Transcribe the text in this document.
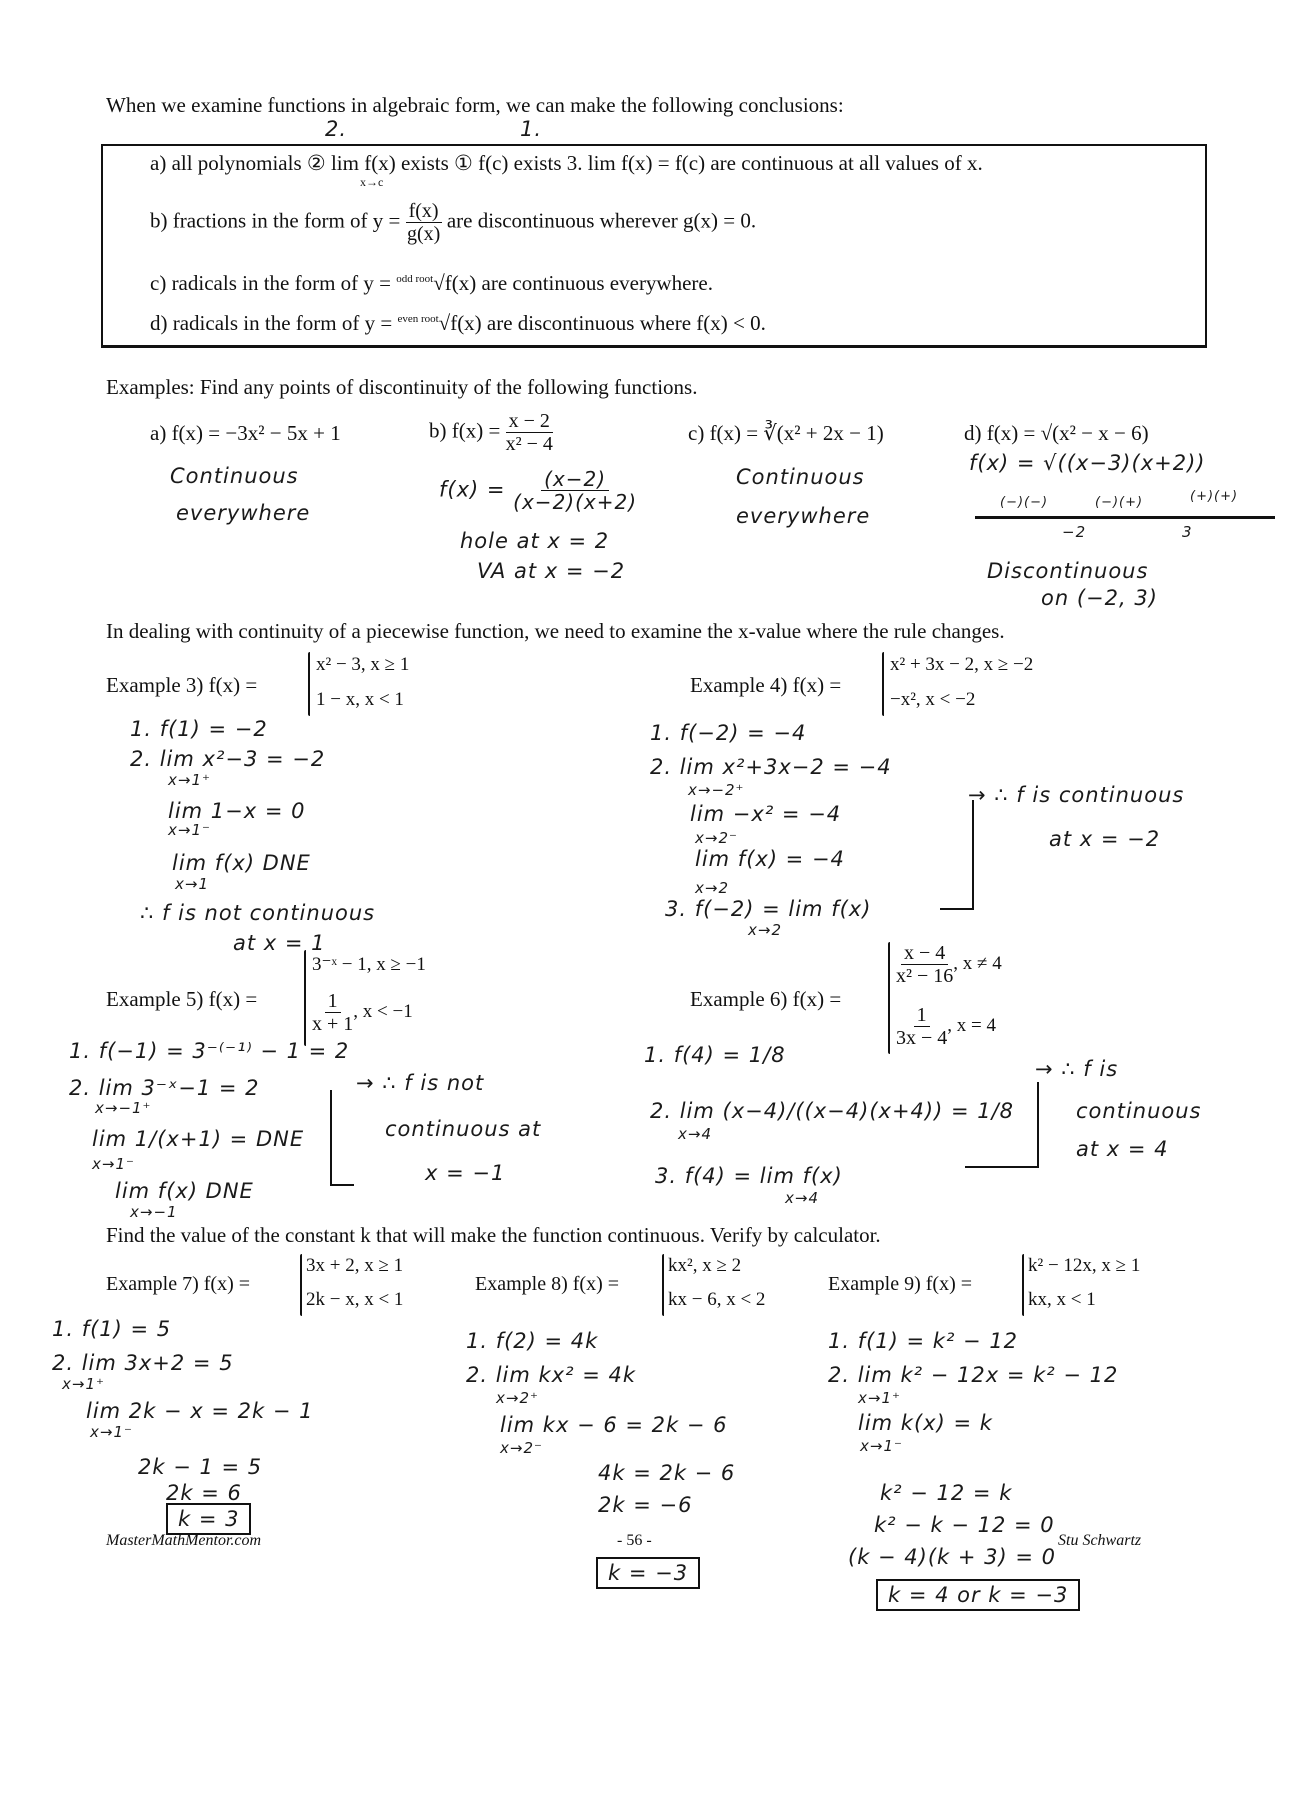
When we examine functions in algebraic form, we can make the following conclusions:
2.	1.
a) all polynomials ② lim f(x) exists ① f(c) exists 3. lim f(x) = f(c) are continuous at all values of x.
x→c
b) fractions in the form of $y = \frac{f(x)}{g(x)}$ are discontinuous wherever g(x) = 0.
c) radicals in the form of y = $^{odd root}$√f(x) are continuous everywhere.
d) radicals in the form of y = $^{even root}$√f(x) are discontinuous where f(x) < 0.
Examples: Find any points of discontinuity of the following functions.
a) f(x) = −3x² − 5x + 1
Continuous
everywhere
b) $f(x) = \frac{x - 2}{\text{x² − 4}}$
$f(x) = \frac{(x-2)}{(x-2)(x+2)}$
hole at x = 2
VA at x = −2
c) f(x) = ∛(x² + 2x − 1)
Continuous
everywhere
d) f(x) = √(x² − x − 6)
f(x) = √((x−3)(x+2))
(−)(−)	(−)(+)	(+)(+)
−2	3
Discontinuous
on (−2, 3)
In dealing with continuity of a piecewise function, we need to examine the x-value where the rule changes.
Example 3) f(x) =
x² − 3, x ≥ 1
1 − x, x < 1
1. f(1) = −2
2. lim x²−3 = −2
x→1⁺
lim 1−x = 0
x→1⁻
lim f(x) DNE
x→1
∴ f is not continuous
at x = 1
Example 4) f(x) =
x² + 3x − 2, x ≥ −2
−x², x < −2
1. f(−2) = −4
2. lim x²+3x−2 = −4
x→−2⁺
lim −x² = −4
x→2⁻
lim f(x) = −4
x→2
3. f(−2) = lim f(x)
x→2
→ ∴ f is continuous
at x = −2
Example 5) f(x) =
3⁻ˣ − 1, x ≥ −1
$\frac{1}{x + 1}$ , x < −1
1. f(−1) = 3⁻⁽⁻¹⁾ − 1 = 2
2. lim 3⁻ˣ−1 = 2
x→−1⁺
lim 1/(x+1) = DNE
x→1⁻
lim f(x) DNE
x→−1
→ ∴ f is not
continuous at
x = −1
Example 6) f(x) =
$\frac{x - 4}{\text{x² − 16}}$ , x ≠ 4
$\frac{1}{3x - 4}$ , x = 4
1. f(4) = 1/8
2. lim (x−4)/((x−4)(x+4)) = 1/8
x→4
3. f(4) = lim f(x)
x→4
→ ∴ f is
continuous
at x = 4
Find the value of the constant k that will make the function continuous. Verify by calculator.
Example 7) f(x) =
3x + 2, x ≥ 1
2k − x, x < 1
1. f(1) = 5
2. lim 3x+2 = 5
x→1⁺
lim 2k − x = 2k − 1
x→1⁻
2k − 1 = 5
2k = 6
k = 3
Example 8) f(x) =
kx², x ≥ 2
kx − 6, x < 2
1. f(2) = 4k
2. lim kx² = 4k
x→2⁺
lim kx − 6 = 2k − 6
x→2⁻
4k = 2k − 6
2k = −6
k = −3
Example 9) f(x) =
k² − 12x, x ≥ 1
kx, x < 1
1. f(1) = k² − 12
2. lim k² − 12x = k² − 12
x→1⁺
lim k(x) = k
x→1⁻
k² − 12 = k
k² − k − 12 = 0
(k − 4)(k + 3) = 0
k = 4 or k = −3
MasterMathMentor.com	- 56 -	Stu Schwartz
